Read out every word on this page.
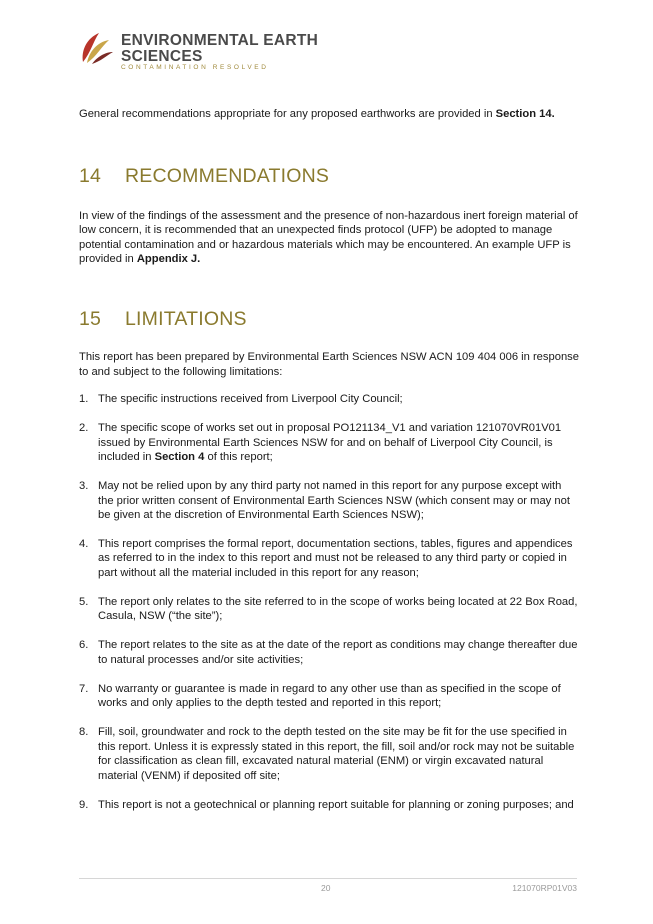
ENVIRONMENTAL EARTH
SCIENCES
CONTAMINATION RESOLVED

General recommendations appropriate for any proposed earthworks are provided in Section 14.

14 RECOMMENDATIONS

In view of the findings of the assessment and the presence of non-hazardous inert foreign material of low concern, it is recommended that an unexpected finds protocol (UFP) be adopted to manage potential contamination and or hazardous materials which may be encountered. An example UFP is provided in Appendix J.

15 LIMITATIONS

This report has been prepared by Environmental Earth Sciences NSW ACN 109 404 006 in response to and subject to the following limitations:

1. The specific instructions received from Liverpool City Council;
2. The specific scope of works set out in proposal PO121134_V1 and variation 121070VR01V01 issued by Environmental Earth Sciences NSW for and on behalf of Liverpool City Council, is included in Section 4 of this report;
3. May not be relied upon by any third party not named in this report for any purpose except with the prior written consent of Environmental Earth Sciences NSW (which consent may or may not be given at the discretion of Environmental Earth Sciences NSW);
4. This report comprises the formal report, documentation sections, tables, figures and appendices as referred to in the index to this report and must not be released to any third party or copied in part without all the material included in this report for any reason;
5. The report only relates to the site referred to in the scope of works being located at 22 Box Road, Casula, NSW (“the site”);
6. The report relates to the site as at the date of the report as conditions may change thereafter due to natural processes and/or site activities;
7. No warranty or guarantee is made in regard to any other use than as specified in the scope of works and only applies to the depth tested and reported in this report;
8. Fill, soil, groundwater and rock to the depth tested on the site may be fit for the use specified in this report. Unless it is expressly stated in this report, the fill, soil and/or rock may not be suitable for classification as clean fill, excavated natural material (ENM) or virgin excavated natural material (VENM) if deposited off site;
9. This report is not a geotechnical or planning report suitable for planning or zoning purposes; and
20	121070RP01V03
